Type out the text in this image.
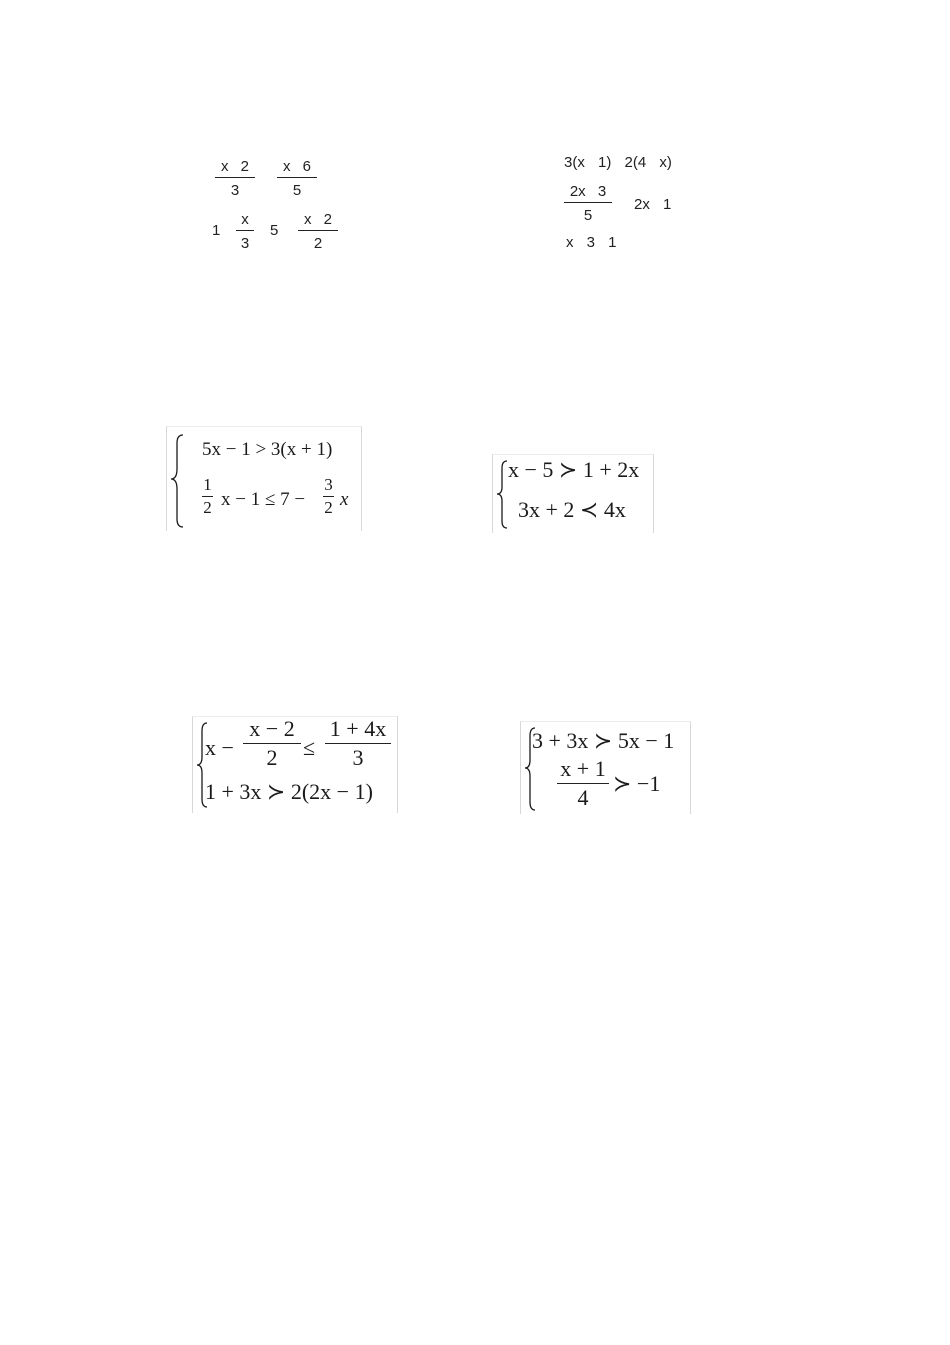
x 2
3
x 6
5
1
x
3
5
x 2
2
3(x 1) 2(4 x)
2x 3
5
2x 1
x 3 1
5x − 1 > 3(x + 1)
1
2 x − 1 ≤ 7 −
3
2 x
x − 5 ≻ 1 + 2x
3x + 2 ≺ 4x
x −
x − 2
2	≤
1 + 4x
3
1 + 3x ≻ 2(2x − 1)
3 + 3x ≻ 5x − 1
x + 1
4
≻ −1
